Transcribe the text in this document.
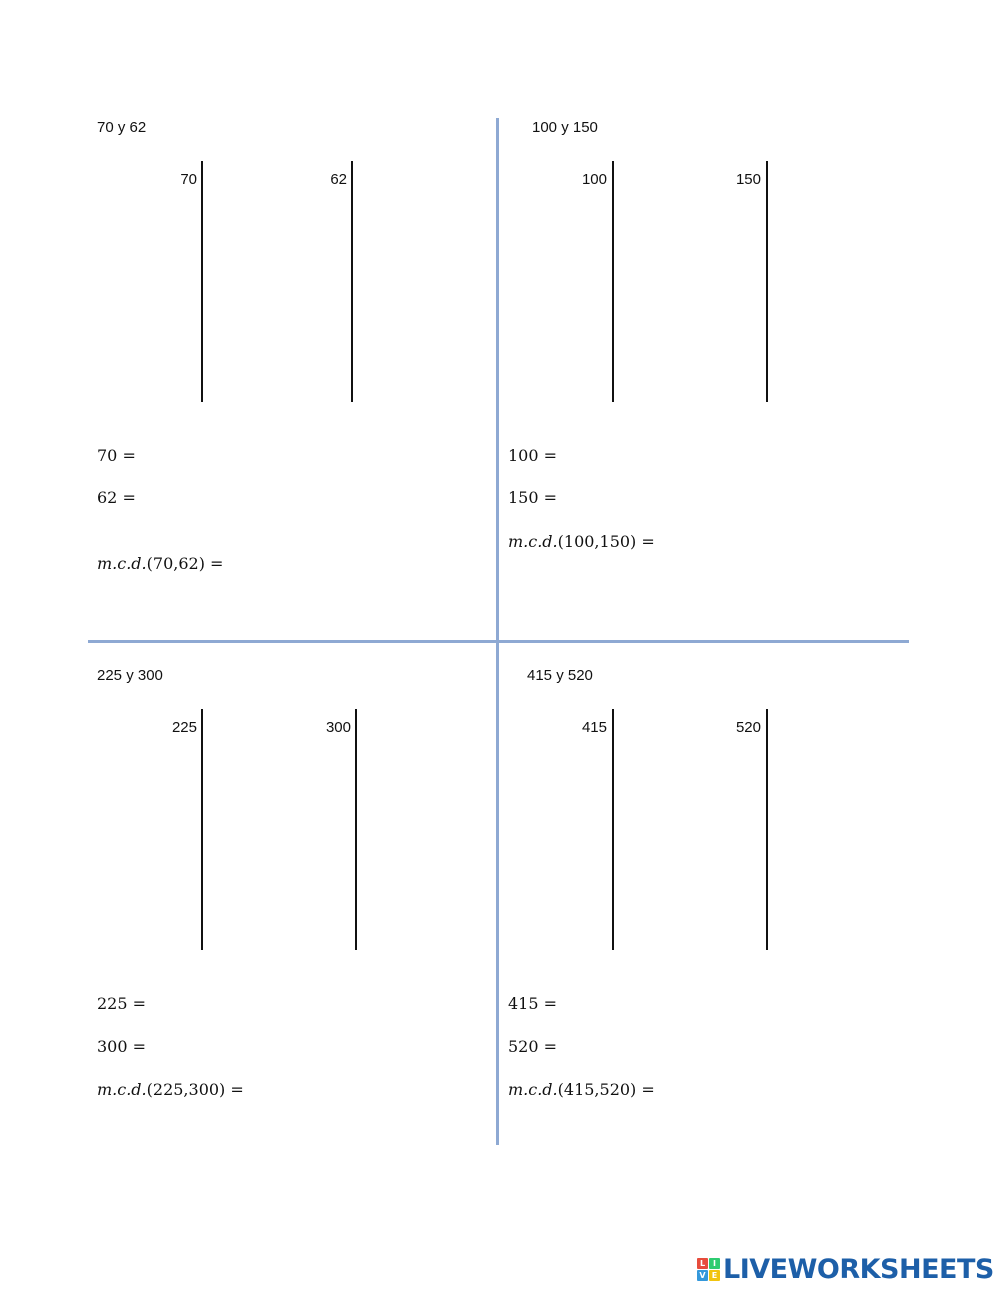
70 y 62
70	62
70 =
62 =
m.c.d.(70,62) =
100 y 150
100	150
100 =
150 =
m.c.d.(100,150) =
225 y 300
225	300
225 =
300 =
m.c.d.(225,300) =
415 y 520
415	520
415 =
520 =
m.c.d.(415,520) =
L I
V E LIVEWORKSHEETS
